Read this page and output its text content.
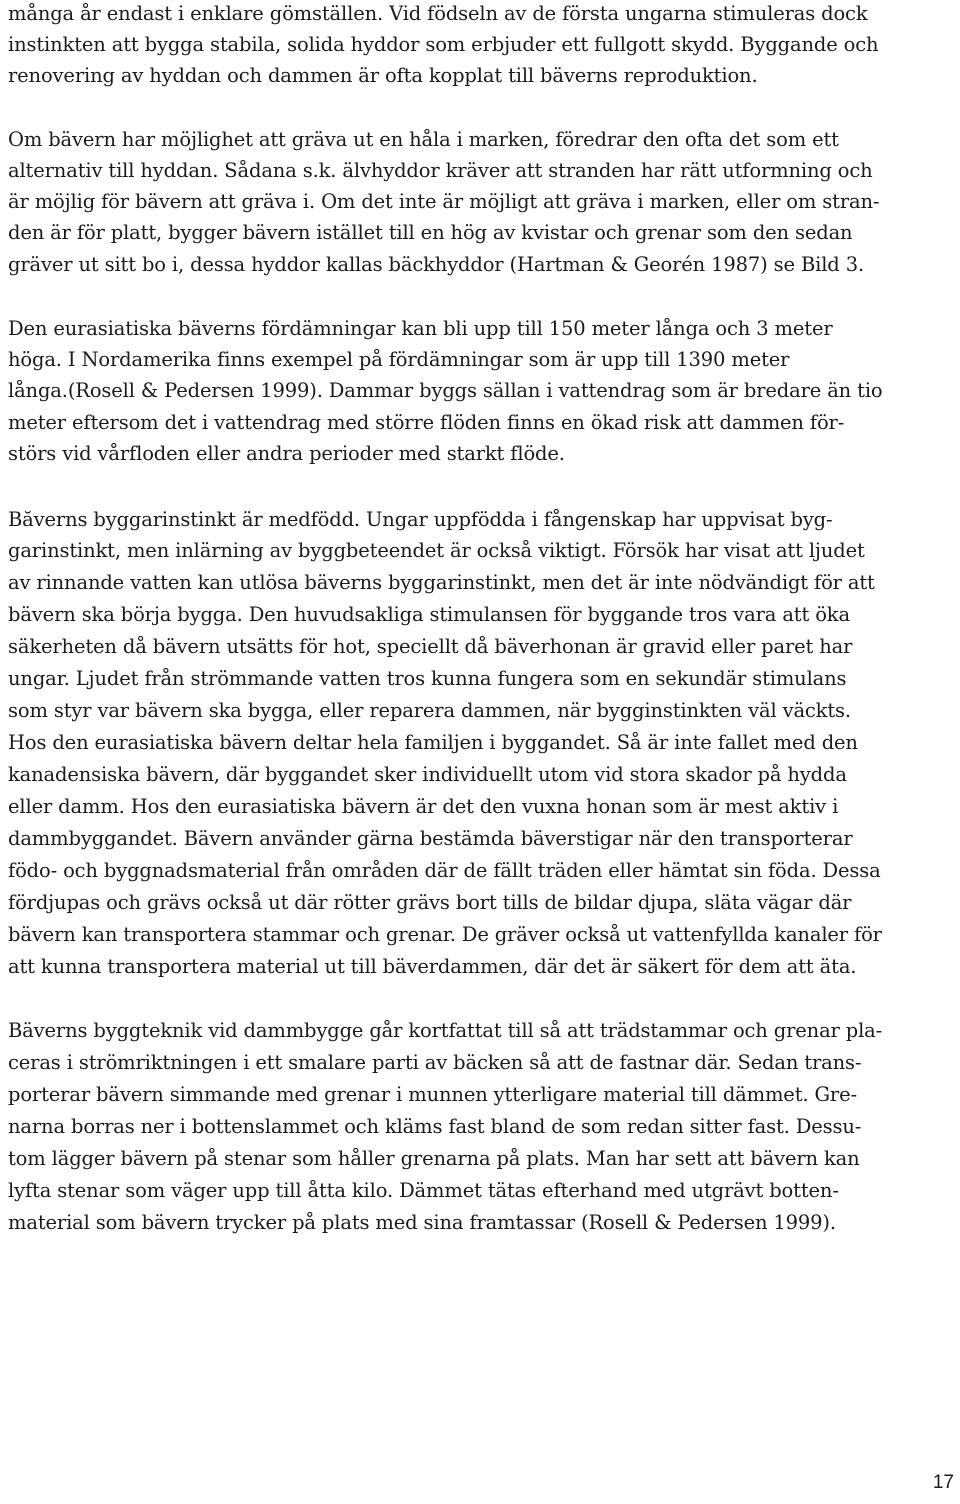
många år endast i enklare gömställen. Vid födseln av de första ungarna stimuleras dock
instinkten att bygga stabila, solida hyddor som erbjuder ett fullgott skydd. Byggande och
renovering av hyddan och dammen är ofta kopplat till bäverns reproduktion.
Om bävern har möjlighet att gräva ut en håla i marken, föredrar den ofta det som ett
alternativ till hyddan. Sådana s.k. älvhyddor kräver att stranden har rätt utformning och
är möjlig för bävern att gräva i. Om det inte är möjligt att gräva i marken, eller om stran-
den är för platt, bygger bävern istället till en hög av kvistar och grenar som den sedan
gräver ut sitt bo i, dessa hyddor kallas bäckhyddor (Hartman & Georén 1987) se Bild 3.
Den eurasiatiska bäverns fördämningar kan bli upp till 150 meter långa och 3 meter
höga. I Nordamerika finns exempel på fördämningar som är upp till 1390 meter
långa.(Rosell & Pedersen 1999). Dammar byggs sällan i vattendrag som är bredare än tio
meter eftersom det i vattendrag med större flöden finns en ökad risk att dammen för-
störs vid vårfloden eller andra perioder med starkt flöde.
Băverns byggarinstinkt är medfödd. Ungar uppfödda i fångenskap har uppvisat byg-
garinstinkt, men inlärning av byggbeteendet är också viktigt. Försök har visat att ljudet
av rinnande vatten kan utlösa bäverns byggarinstinkt, men det är inte nödvändigt för att
bävern ska börja bygga. Den huvudsakliga stimulansen för byggande tros vara att öka
säkerheten då bävern utsätts för hot, speciellt då bäverhonan är gravid eller paret har
ungar. Ljudet från strömmande vatten tros kunna fungera som en sekundär stimulans
som styr var bävern ska bygga, eller reparera dammen, när bygginstinkten väl väckts.
Hos den eurasiatiska bävern deltar hela familjen i byggandet. Så är inte fallet med den
kanadensiska bävern, där byggandet sker individuellt utom vid stora skador på hydda
eller damm. Hos den eurasiatiska bävern är det den vuxna honan som är mest aktiv i
dammbyggandet. Bävern använder gärna bestämda bäverstigar när den transporterar
födo- och byggnadsmaterial från områden där de fällt träden eller hämtat sin föda. Dessa
fördjupas och grävs också ut där rötter grävs bort tills de bildar djupa, släta vägar där
bävern kan transportera stammar och grenar. De gräver också ut vattenfyllda kanaler för
att kunna transportera material ut till bäverdammen, där det är säkert för dem att äta.
Bäverns byggteknik vid dammbygge går kortfattat till så att trädstammar och grenar pla-
ceras i strömriktningen i ett smalare parti av bäcken så att de fastnar där. Sedan trans-
porterar bävern simmande med grenar i munnen ytterligare material till dämmet. Gre-
narna borras ner i bottenslammet och kläms fast bland de som redan sitter fast. Dessu-
tom lägger bävern på stenar som håller grenarna på plats. Man har sett att bävern kan
lyfta stenar som väger upp till åtta kilo. Dämmet tätas efterhand med utgrävt botten-
material som bävern trycker på plats med sina framtassar (Rosell & Pedersen 1999).
17
